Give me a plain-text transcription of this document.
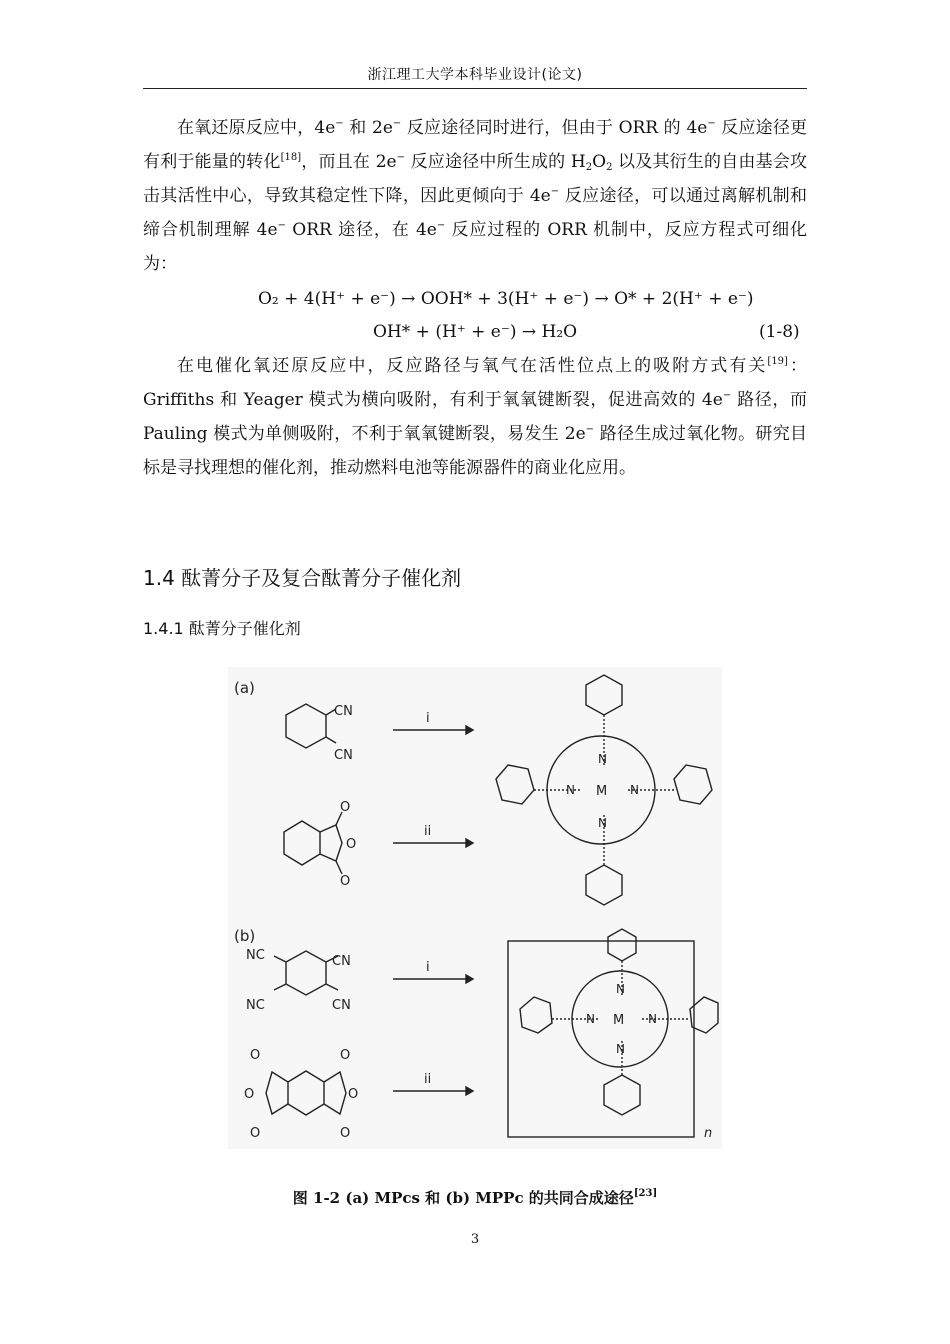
浙江理工大学本科毕业设计(论文)

在氧还原反应中，4e− 和 2e− 反应途径同时进行，但由于 ORR 的 4e− 反应途径更有利于能量的转化[18]，而且在 2e− 反应途径中所生成的 $H_2O_2$ 以及其衍生的自由基会攻击其活性中心，导致其稳定性下降，因此更倾向于 4e− 反应途径，可以通过离解机制和缔合机制理解 4e− ORR 途径，在 4e− 反应过程的 ORR 机制中，反应方程式可细化为：

O₂ + 4(H⁺ + e⁻) → OOH* + 3(H⁺ + e⁻) → O* + 2(H⁺ + e⁻)
OH* + (H⁺ + e⁻) → H₂O	(1-8)

在电催化氧还原反应中，反应路径与氧气在活性位点上的吸附方式有关[19]：Griffiths 和 Yeager 模式为横向吸附，有利于氧氧键断裂，促进高效的 4e− 路径，而 Pauling 模式为单侧吸附，不利于氧氧键断裂，易发生 2e− 路径生成过氧化物。研究目标是寻找理想的催化剂，推动燃料电池等能源器件的商业化应用。

1.4 酞菁分子及复合酞菁分子催化剂
1.4.1 酞菁分子催化剂
(a)
(b)
CN
CN
O
O
O
NC	CN
NC	CN
O	O
O	O
O	O
i
ii
i
ii
M
M
N
N
N	N
N
N
N	N
n
图 1-2 (a) MPcs 和 (b) MPPc 的共同合成途径[23]
3
